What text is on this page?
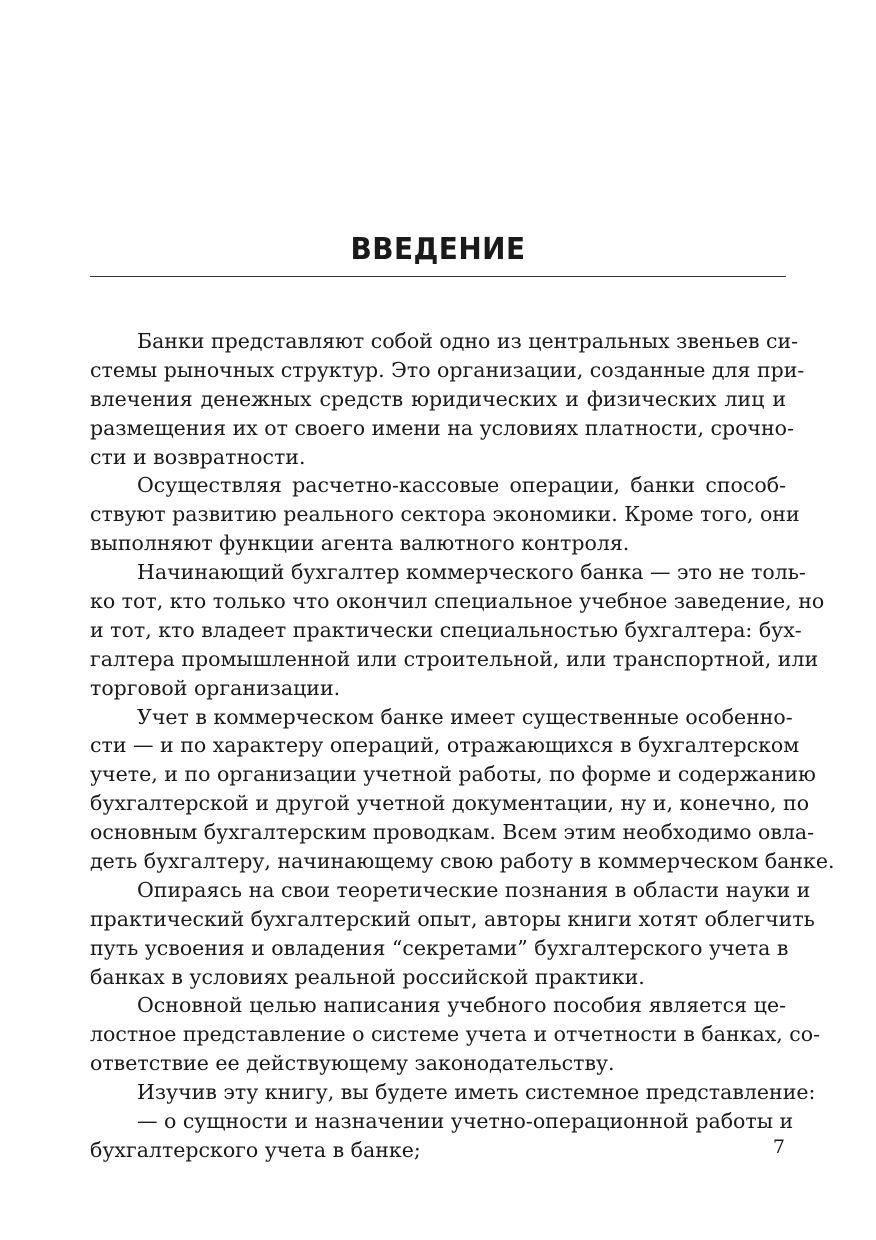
ВВЕДЕНИЕ
Банки представляют собой одно из центральных звеньев си-
стемы рыночных структур. Это организации, созданные для при-
влечения денежных средств юридических и физических лиц и
размещения их от своего имени на условиях платности, срочно-
сти и возвратности.
Осуществляя расчетно-кассовые операции, банки способ-
ствуют развитию реального сектора экономики. Кроме того, они
выполняют функции агента валютного контроля.
Начинающий бухгалтер коммерческого банка — это не толь-
ко тот, кто только что окончил специальное учебное заведение, но
и тот, кто владеет практически специальностью бухгалтера: бух-
галтера промышленной или строительной, или транспортной, или
торговой организации.
Учет в коммерческом банке имеет существенные особенно-
сти — и по характеру операций, отражающихся в бухгалтерском
учете, и по организации учетной работы, по форме и содержанию
бухгалтерской и другой учетной документации, ну и, конечно, по
основным бухгалтерским проводкам. Всем этим необходимо овла-
деть бухгалтеру, начинающему свою работу в коммерческом банке.
Опираясь на свои теоретические познания в области науки и
практический бухгалтерский опыт, авторы книги хотят облегчить
путь усвоения и овладения “секретами” бухгалтерского учета в
банках в условиях реальной российской практики.
Основной целью написания учебного пособия является це-
лостное представление о системе учета и отчетности в банках, со-
ответствие ее действующему законодательству.
Изучив эту книгу, вы будете иметь системное представление:
— о сущности и назначении учетно-операционной работы и
бухгалтерского учета в банке;	7
